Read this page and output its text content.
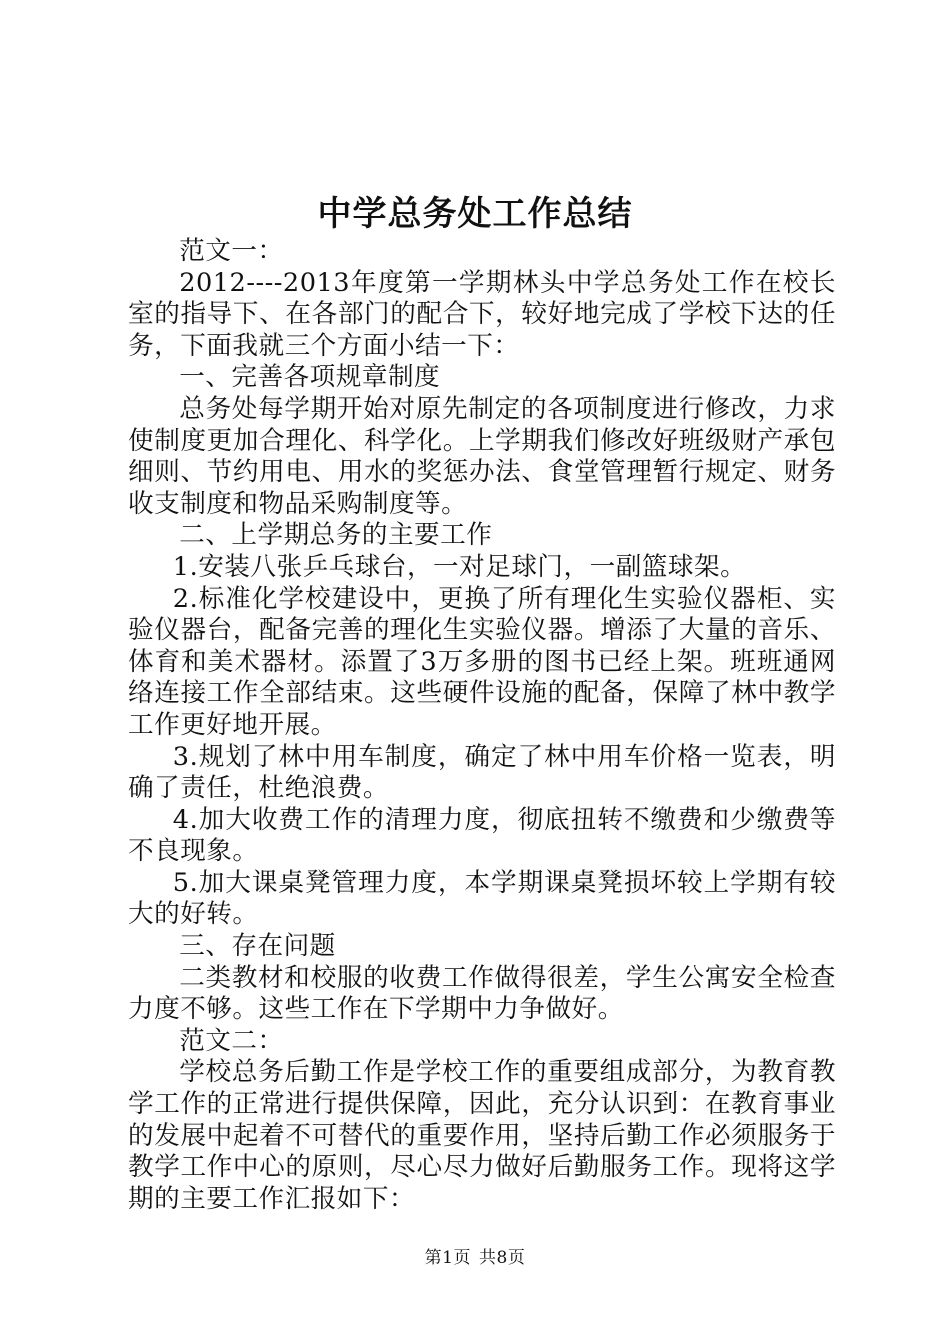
中学总务处工作总结

范文一：

2012----2013年度第一学期林头中学总务处工作在校长室的指导下、在各部门的配合下，较好地完成了学校下达的任务，下面我就三个方面小结一下：

一、完善各项规章制度

总务处每学期开始对原先制定的各项制度进行修改，力求使制度更加合理化、科学化。上学期我们修改好班级财产承包细则、节约用电、用水的奖惩办法、食堂管理暂行规定、财务收支制度和物品采购制度等。

二、上学期总务的主要工作

1.安装八张乒乓球台，一对足球门，一副篮球架。

2.标准化学校建设中，更换了所有理化生实验仪器柜、实验仪器台，配备完善的理化生实验仪器。增添了大量的音乐、体育和美术器材。添置了3万多册的图书已经上架。班班通网络连接工作全部结束。这些硬件设施的配备，保障了林中教学工作更好地开展。

3.规划了林中用车制度，确定了林中用车价格一览表，明确了责任，杜绝浪费。

4.加大收费工作的清理力度，彻底扭转不缴费和少缴费等不良现象。

5.加大课桌凳管理力度，本学期课桌凳损坏较上学期有较大的好转。

三、存在问题

二类教材和校服的收费工作做得很差，学生公寓安全检查力度不够。这些工作在下学期中力争做好。

范文二：

学校总务后勤工作是学校工作的重要组成部分，为教育教学工作的正常进行提供保障，因此，充分认识到：在教育事业的发展中起着不可替代的重要作用，坚持后勤工作必须服务于教学工作中心的原则，尽心尽力做好后勤服务工作。现将这学期的主要工作汇报如下：

第1页 共8页
